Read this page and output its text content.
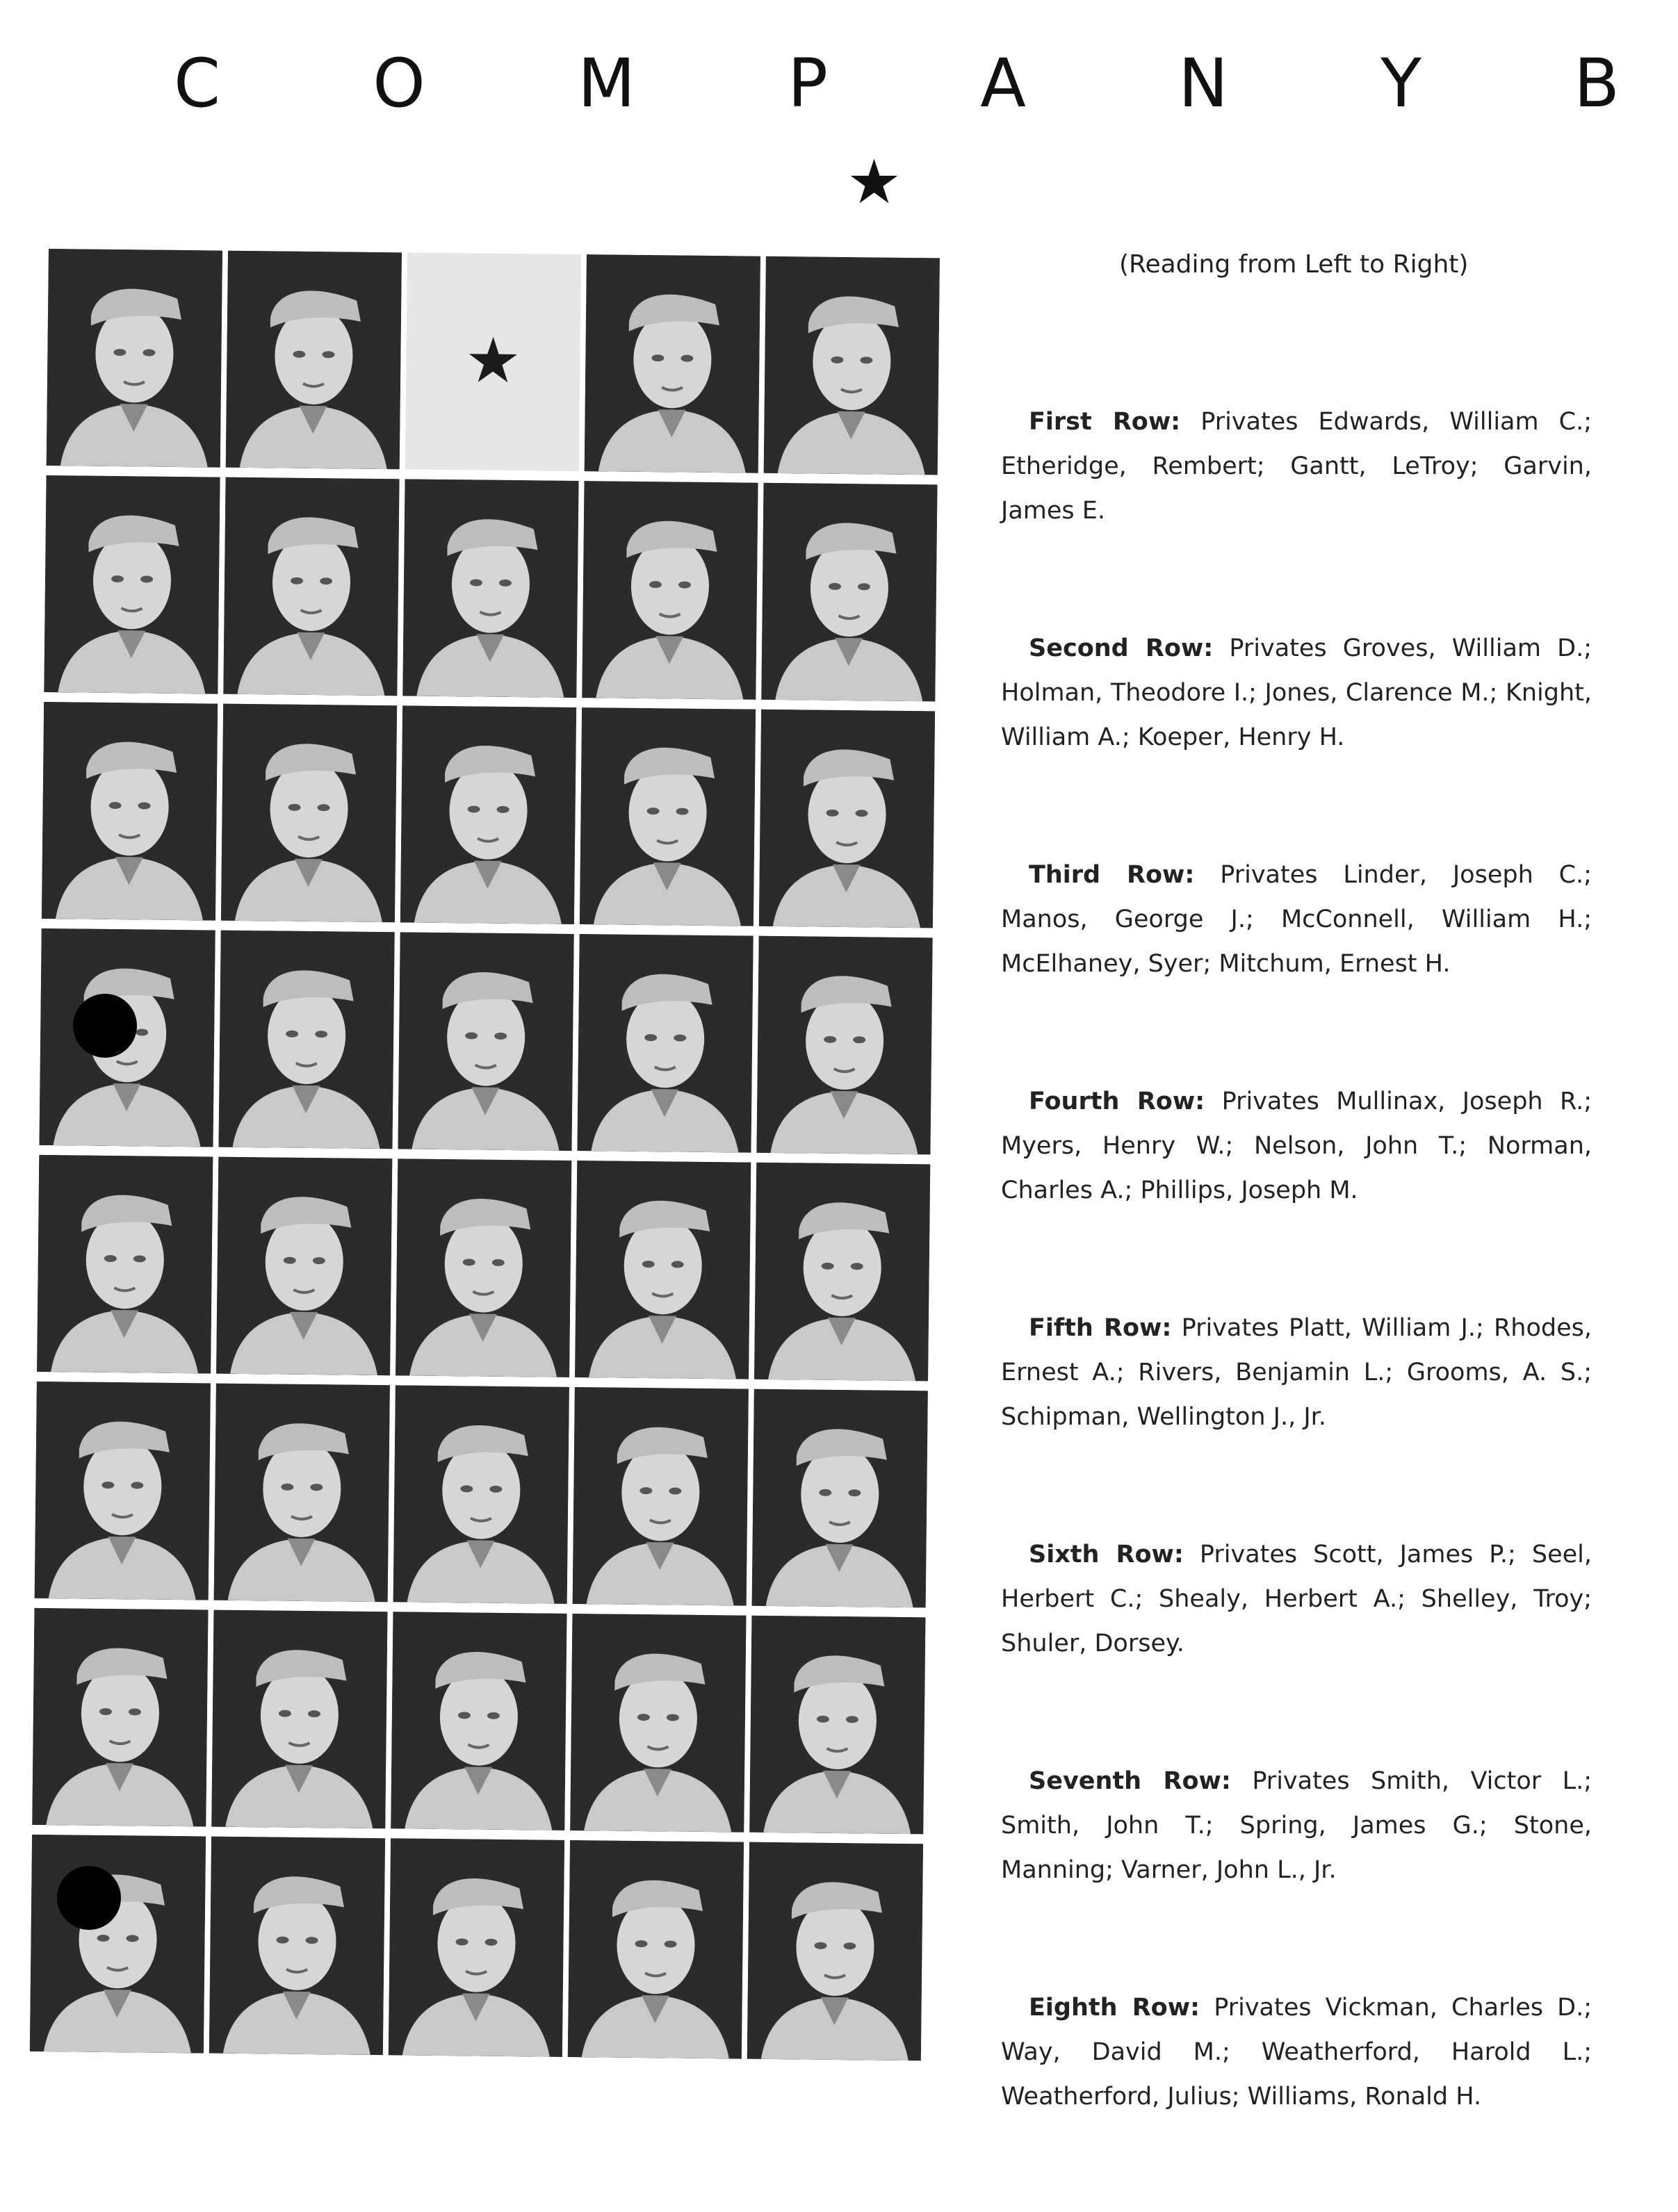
C O M P A N Y B
★
★
(Reading from Left to Right)

First Row: Privates Edwards, William C.; Etheridge, Rembert; Gantt, LeTroy; Garvin, James E.

Second Row: Privates Groves, William D.; Holman, Theodore I.; Jones, Clarence M.; Knight, William A.; Koeper, Henry H.

Third Row: Privates Linder, Joseph C.; Manos, George J.; McConnell, William H.; McElhaney, Syer; Mitchum, Ernest H.

Fourth Row: Privates Mullinax, Joseph R.; Myers, Henry W.; Nelson, John T.; Norman, Charles A.; Phillips, Joseph M.

Fifth Row: Privates Platt, William J.; Rhodes, Ernest A.; Rivers, Benjamin L.; Grooms, A. S.; Schipman, Wellington J., Jr.

Sixth Row: Privates Scott, James P.; Seel, Herbert C.; Shealy, Herbert A.; Shelley, Troy; Shuler, Dorsey.

Seventh Row: Privates Smith, Victor L.; Smith, John T.; Spring, James G.; Stone, Manning; Varner, John L., Jr.

Eighth Row: Privates Vickman, Charles D.; Way, David M.; Weatherford, Harold L.; Weatherford, Julius; Williams, Ronald H.
